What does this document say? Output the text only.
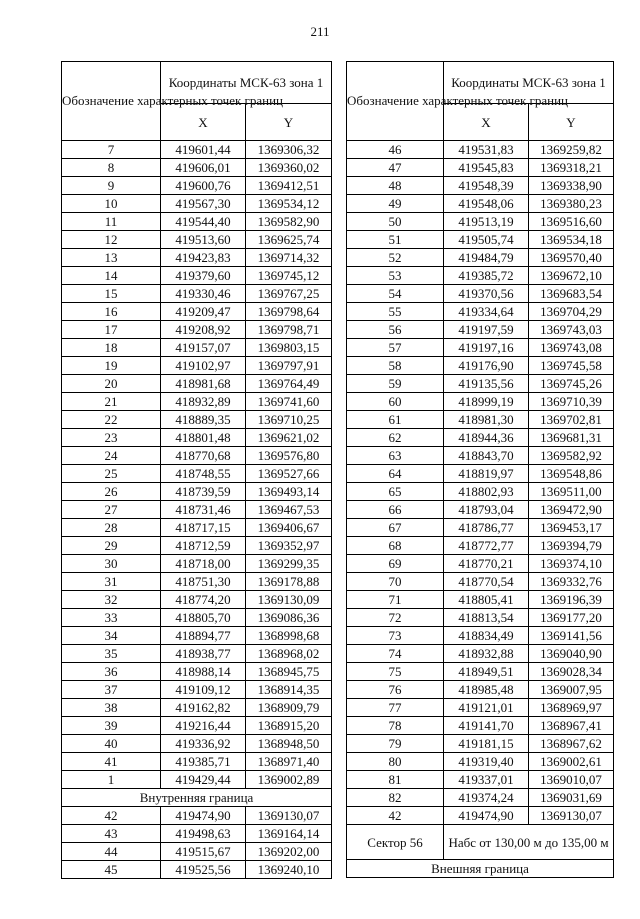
211
Обозначение характерных точек границ	Координаты МСК-63 зона 1	
	X	Y
7	419601,44	1369306,32
8	419606,01	1369360,02
9	419600,76	1369412,51
10	419567,30	1369534,12
11	419544,40	1369582,90
12	419513,60	1369625,74
13	419423,83	1369714,32
14	419379,60	1369745,12
15	419330,46	1369767,25
16	419209,47	1369798,64
17	419208,92	1369798,71
18	419157,07	1369803,15
19	419102,97	1369797,91
20	418981,68	1369764,49
21	418932,89	1369741,60
22	418889,35	1369710,25
23	418801,48	1369621,02
24	418770,68	1369576,80
25	418748,55	1369527,66
26	418739,59	1369493,14
27	418731,46	1369467,53
28	418717,15	1369406,67
29	418712,59	1369352,97
30	418718,00	1369299,35
31	418751,30	1369178,88
32	418774,20	1369130,09
33	418805,70	1369086,36
34	418894,77	1368998,68
35	418938,77	1368968,02
36	418988,14	1368945,75
37	419109,12	1368914,35
38	419162,82	1368909,79
39	419216,44	1368915,20
40	419336,92	1368948,50
41	419385,71	1368971,40
1	419429,44	1369002,89
Внутренняя граница		
42	419474,90	1369130,07
43	419498,63	1369164,14
44	419515,67	1369202,00
45	419525,56	1369240,10
Обозначение характерных точек границ	Координаты МСК-63 зона 1	
	X	Y
46	419531,83	1369259,82
47	419545,83	1369318,21
48	419548,39	1369338,90
49	419548,06	1369380,23
50	419513,19	1369516,60
51	419505,74	1369534,18
52	419484,79	1369570,40
53	419385,72	1369672,10
54	419370,56	1369683,54
55	419334,64	1369704,29
56	419197,59	1369743,03
57	419197,16	1369743,08
58	419176,90	1369745,58
59	419135,56	1369745,26
60	418999,19	1369710,39
61	418981,30	1369702,81
62	418944,36	1369681,31
63	418843,70	1369582,92
64	418819,97	1369548,86
65	418802,93	1369511,00
66	418793,04	1369472,90
67	418786,77	1369453,17
68	418772,77	1369394,79
69	418770,21	1369374,10
70	418770,54	1369332,76
71	418805,41	1369196,39
72	418813,54	1369177,20
73	418834,49	1369141,56
74	418932,88	1369040,90
75	418949,51	1369028,34
76	418985,48	1369007,95
77	419121,01	1368969,97
78	419141,70	1368967,41
79	419181,15	1368967,62
80	419319,40	1369002,61
81	419337,01	1369010,07
82	419374,24	1369031,69
42	419474,90	1369130,07
Сектор 56	Набс от 130,00 м до 135,00 м	
Внешняя граница		
